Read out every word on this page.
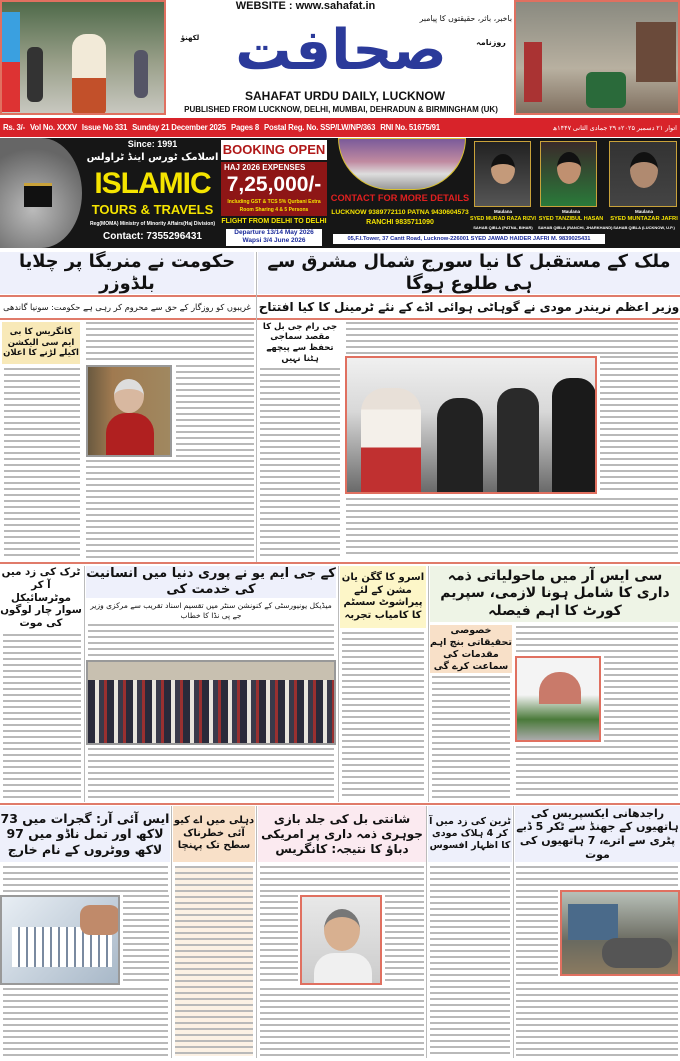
WEBSITE : www.sahafat.in
باخبر، باثر، حقیقتوں کا پیامبر
روزنامہ
لکھنؤ صحافت
SAHAFAT URDU DAILY, LUCKNOW
PUBLISHED FROM LUCKNOW, DELHI, MUMBAI, DEHRADUN & BIRMINGHAM (UK)
Rs. 3/- Vol No. XXXV Issue No 331 Sunday 21 December 2025 Pages 8 Postal Reg. No. SSP/LW/NP/363 RNI No. 51675/91	اتوار ۲۱ دسمبر ۲۰۲۵ء ۲۹ جمادی الثانی ۱۴۴۷ھ
Since: 1991
اسلامک ٹورس اینڈ ٹراولس
ISLAMIC
TOURS & TRAVELS
Reg(MOMA) Ministry of Minority Affairs(Haj Division)
Contact: 7355296431
BOOKING OPEN
HAJ 2026 EXPENSES
7,25,000/-
Including GST & TCS 5% Qurbani Extra
Room Sharing 4 & 5 Persons
FLIGHT FROM DELHI TO DELHI
Departure 13/14 May 2026
Wapsi 3/4 June 2026
CONTACT FOR MORE DETAILS
LUCKNOW 9389772110 PATNA 9430604573
RANCHI 9835711090
05,F.I.Tower, 37 Cantt Road, Lucknow-226001 SYED JAWAD HAIDER JAFRI M. 9839025431
Maulana
SYED MURAD RAZA RIZVI
SAHAB QIBLA (PATNA, BIHAR)
Maulana
SYED TANZIBUL HASAN
SAHAB QIBLA (RANCHI, JHARKHAND)
Maulana
SYED MUNTAZAR JAFRI
SAHAB QIBLA (LUCKNOW, U.P.)
حکومت نے منریگا پر چلایا بلڈوزر
ملک کے مستقبل کا نیا سورج شمال مشرق سے ہی طلوع ہوگا
غریبوں کو روزگار کے حق سے محروم کر رہی ہے حکومت: سونیا گاندھی وزیر اعظم نریندر مودی نے گوہاٹی ہوائی اڈے کے نئے ٹرمینل کا کیا افتتاح
کانگریس کا بی ایم سی الیکشن اکیلے لڑنے کا اعلان
جی رام جی بل کا مقصد سماجی تحفظ سے پیچھے ہٹنا نہیں
ٹرک کی زد میں آ کر موٹرسائیکل سوار چار لوگوں کی موت
کے جی ایم یو نے پوری دنیا میں انسانیت کی خدمت کی
میڈیکل یونیورسٹی کے کنونشن سنٹر میں تقسیم اسناد تقریب سے مرکزی وزیر جے پی نڈا کا خطاب
اسرو کا گگن یان مشن کے لئے پیراشوٹ سسٹم کا کامیاب تجربہ
سی ایس آر میں ماحولیاتی ذمہ داری کا شامل ہونا لازمی، سپریم کورٹ کا اہم فیصلہ
خصوصی تحقیقاتی بنچ اہم مقدمات کی سماعت کرے گی
ایس آئی آر: گجرات میں 73 لاکھ اور تمل ناڈو میں 97 لاکھ ووٹروں کے نام خارج
دہلی میں اے کیو آئی خطرناک سطح تک پہنچا
شانتی بل کی جلد بازی جوہری ذمہ داری پر امریکی دباؤ کا نتیجہ: کانگریس
ٹرین کی زد میں آ کر 4 ہلاک مودی کا اظہار افسوس
راجدھانی ایکسپریس کی ہاتھیوں کے جھنڈ سے ٹکر 5 ڈبے پٹری سے اترے، 7 ہاتھیوں کی موت
